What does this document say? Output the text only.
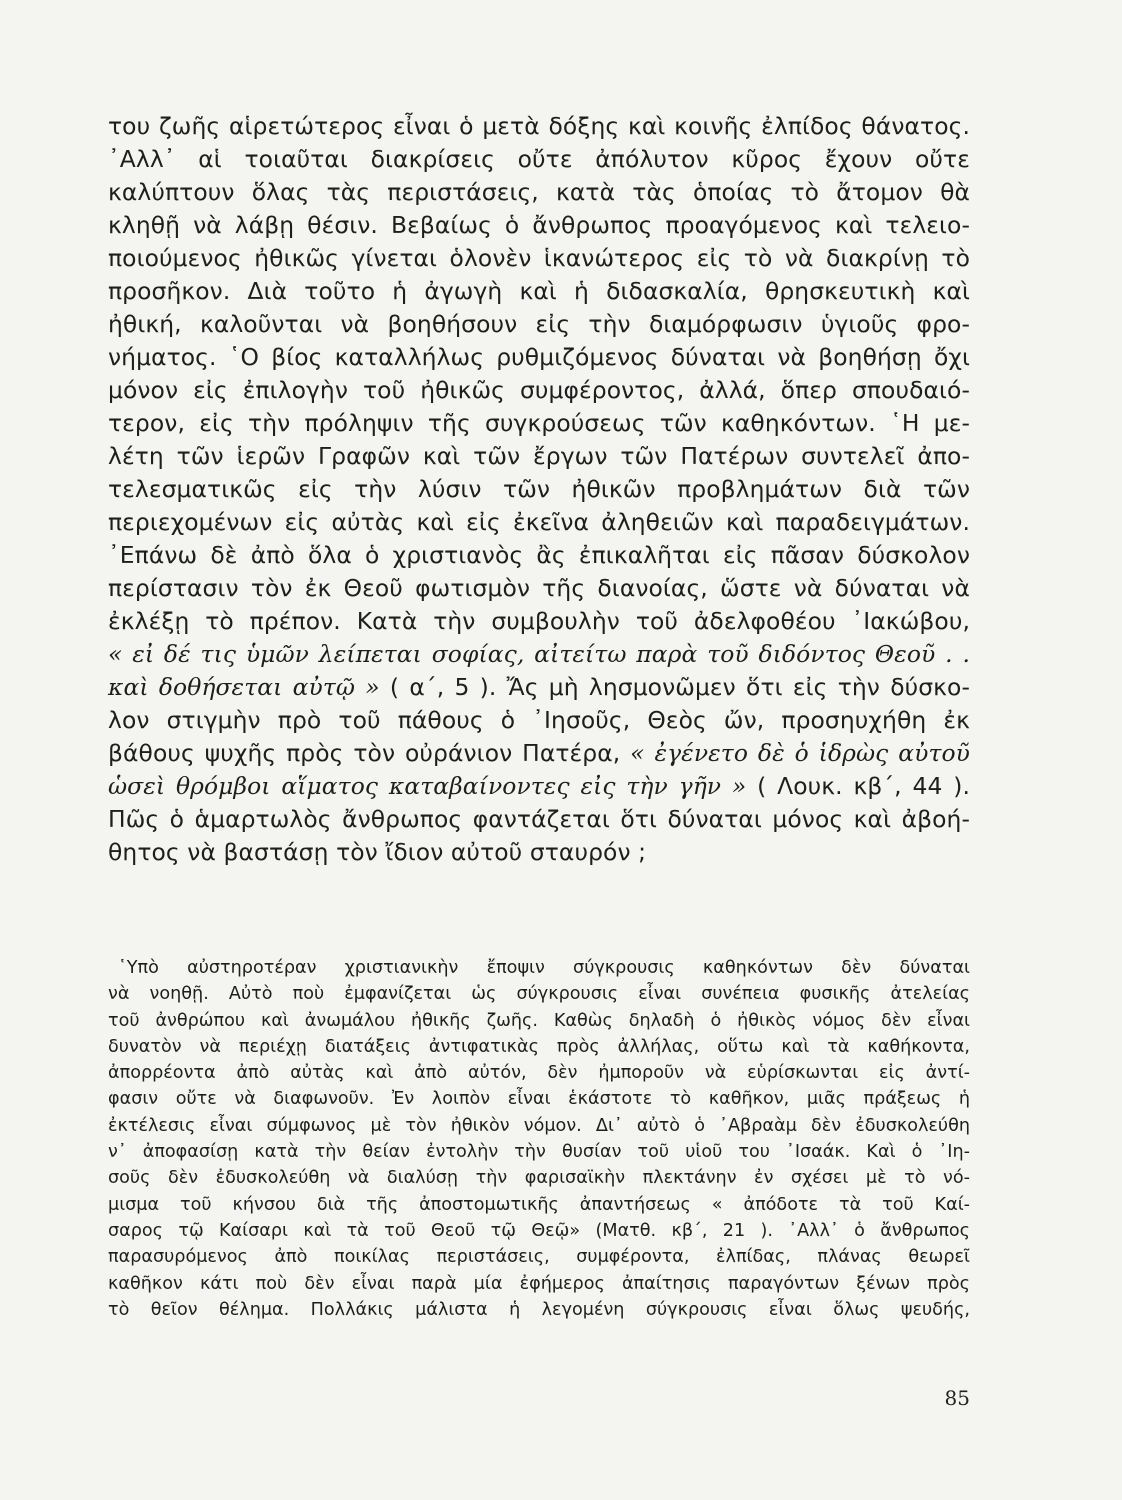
του ζωῆς αἱρετώτερος εἶναι ὁ μετὰ δόξης καὶ κοινῆς ἐλπίδος θάνατος.
᾿Αλλ᾿ αἱ τοιαῦται διακρίσεις οὔτε ἀπόλυτον κῦρος ἔχουν οὔτε
καλύπτουν ὅλας τὰς περιστάσεις, κατὰ τὰς ὁποίας τὸ ἄτομον θὰ
κληθῇ νὰ λάβῃ θέσιν. Βεβαίως ὁ ἄνθρωπος προαγόμενος καὶ τελειο-
ποιούμενος ἠθικῶς γίνεται ὁλονὲν ἱκανώτερος εἰς τὸ νὰ διακρίνῃ τὸ
προσῆκον. Διὰ τοῦτο ἡ ἀγωγὴ καὶ ἡ διδασκαλία, θρησκευτικὴ καὶ
ἠθική, καλοῦνται νὰ βοηθήσουν εἰς τὴν διαμόρφωσιν ὑγιοῦς φρο-
νήματος. ῾Ο βίος καταλλήλως ρυθμιζόμενος δύναται νὰ βοηθήσῃ ὄχι
μόνον εἰς ἐπιλογὴν τοῦ ἠθικῶς συμφέροντος, ἀλλά, ὅπερ σπουδαιό-
τερον, εἰς τὴν πρόληψιν τῆς συγκρούσεως τῶν καθηκόντων. ῾Η με-
λέτη τῶν ἱερῶν Γραφῶν καὶ τῶν ἔργων τῶν Πατέρων συντελεῖ ἀπο-
τελεσματικῶς εἰς τὴν λύσιν τῶν ἠθικῶν προβλημάτων διὰ τῶν
περιεχομένων εἰς αὐτὰς καὶ εἰς ἐκεῖνα ἀληθειῶν καὶ παραδειγμάτων.
᾿Επάνω δὲ ἀπὸ ὅλα ὁ χριστιανὸς ἂς ἐπικαλῆται εἰς πᾶσαν δύσκολον
περίστασιν τὸν ἐκ Θεοῦ φωτισμὸν τῆς διανοίας, ὥστε νὰ δύναται νὰ
ἐκλέξῃ τὸ πρέπον. Κατὰ τὴν συμβουλὴν τοῦ ἀδελφοθέου ᾿Ιακώβου,
« εἰ δέ τις ὑμῶν λείπεται σοφίας, αἰτείτω παρὰ τοῦ διδόντος Θεοῦ . .
καὶ δοθήσεται αὐτῷ » ( α΄, 5 ). Ἄς μὴ λησμονῶμεν ὅτι εἰς τὴν δύσκο-
λον στιγμὴν πρὸ τοῦ πάθους ὁ ᾿Ιησοῦς, Θεὸς ὤν, προσηυχήθη ἐκ
βάθους ψυχῆς πρὸς τὸν οὐράνιον Πατέρα, « ἐγένετο δὲ ὁ ἱδρὼς αὐτοῦ
ὡσεὶ θρόμβοι αἵματος καταβαίνοντες εἰς τὴν γῆν » ( Λουκ. κβ΄, 44 ).
Πῶς ὁ ἁμαρτωλὸς ἄνθρωπος φαντάζεται ὅτι δύναται μόνος καὶ ἀβοή-
θητος νὰ βαστάσῃ τὸν ἴδιον αὐτοῦ σταυρόν ;
῾Υπὸ αὐστηροτέραν χριστιανικὴν ἔποψιν σύγκρουσις καθηκόντων δὲν δύναται
νὰ νοηθῇ. Αὐτὸ ποὺ ἐμφανίζεται ὡς σύγκρουσις εἶναι συνέπεια φυσικῆς ἀτελείας
τοῦ ἀνθρώπου καὶ ἀνωμάλου ἠθικῆς ζωῆς. Καθὼς δηλαδὴ ὁ ἠθικὸς νόμος δὲν εἶναι
δυνατὸν νὰ περιέχῃ διατάξεις ἀντιφατικὰς πρὸς ἀλλήλας, οὕτω καὶ τὰ καθήκοντα,
ἀπορρέοντα ἀπὸ αὐτὰς καὶ ἀπὸ αὐτόν, δὲν ἠμποροῦν νὰ εὑρίσκωνται εἰς ἀντί-
φασιν οὔτε νὰ διαφωνοῦν. Ἐν λοιπὸν εἶναι ἑκάστοτε τὸ καθῆκον, μιᾶς πράξεως ἡ
ἐκτέλεσις εἶναι σύμφωνος μὲ τὸν ἠθικὸν νόμον. Δι᾿ αὐτὸ ὁ ᾿Αβραὰμ δὲν ἐδυσκολεύθη
ν᾿ ἀποφασίσῃ κατὰ τὴν θείαν ἐντολὴν τὴν θυσίαν τοῦ υἱοῦ του ᾿Ισαάκ. Καὶ ὁ ᾿Ιη-
σοῦς δὲν ἐδυσκολεύθη νὰ διαλύσῃ τὴν φαρισαϊκὴν πλεκτάνην ἐν σχέσει μὲ τὸ νό-
μισμα τοῦ κήνσου διὰ τῆς ἀποστομωτικῆς ἀπαντήσεως « ἀπόδοτε τὰ τοῦ Καί-
σαρος τῷ Καίσαρι καὶ τὰ τοῦ Θεοῦ τῷ Θεῷ» (Ματθ. κβ΄, 21 ). ᾿Αλλ᾿ ὁ ἄνθρωπος
παρασυρόμενος ἀπὸ ποικίλας περιστάσεις, συμφέροντα, ἐλπίδας, πλάνας θεωρεῖ
καθῆκον κάτι ποὺ δὲν εἶναι παρὰ μία ἐφήμερος ἀπαίτησις παραγόντων ξένων πρὸς
τὸ θεῖον θέλημα. Πολλάκις μάλιστα ἡ λεγομένη σύγκρουσις εἶναι ὅλως ψευδής,
85
